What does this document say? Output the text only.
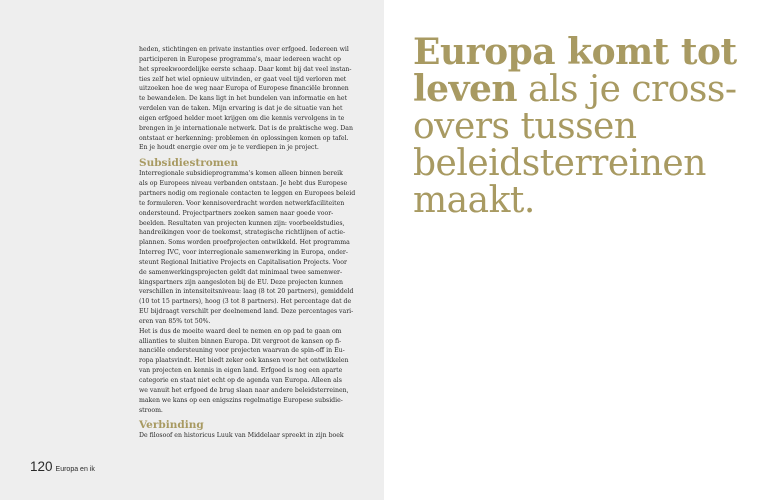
heden, stichtingen en private instanties over erfgoed. Iedereen wil
participeren in Europese programma's, maar iedereen wacht op
het spreekwoordelijke eerste schaap. Daar komt bij dat veel instan-
ties zelf het wiel opnieuw uitvinden, er gaat veel tijd verloren met
uitzoeken hoe de weg naar Europa of Europese financiële bronnen
te bewandelen. De kans ligt in het bundelen van informatie en het
verdelen van de taken. Mijn ervaring is dat je de situatie van het
eigen erfgoed helder moet krijgen om die kennis vervolgens in te
brengen in je internationale netwerk. Dat is de praktische weg. Dan
ontstaat er herkenning: problemen én oplossingen komen op tafel.
En je houdt energie over om je te verdiepen in je project.

Subsidiestromen

Interregionale subsidieprogramma's komen alleen binnen bereik
als op Europees niveau verbanden ontstaan. Je hebt dus Europese
partners nodig om regionale contacten te leggen en Europees beleid
te formuleren. Voor kennisoverdracht worden netwerkfaciliteiten
ondersteund. Projectpartners zoeken samen naar goede voor-
beelden. Resultaten van projecten kunnen zijn: voorbeeldstudies,
handreikingen voor de toekomst, strategische richtlijnen of actie-
plannen. Soms worden proefprojecten ontwikkeld. Het programma
Interreg IVC, voor interregionale samenwerking in Europa, onder-
steunt Regional Initiative Projects en Capitalisation Projects. Voor
de samenwerkingsprojecten geldt dat minimaal twee samenwer-
kingspartners zijn aangesloten bij de EU. Deze projecten kunnen
verschillen in intensiteitsniveau: laag (8 tot 20 partners), gemiddeld
(10 tot 15 partners), hoog (3 tot 8 partners). Het percentage dat de
EU bijdraagt verschilt per deelnemend land. Deze percentages vari-
eren van 85% tot 50%.

Het is dus de moeite waard deel te nemen en op pad te gaan om
allianties te sluiten binnen Europa. Dit vergroot de kansen op fi-
nanciële ondersteuning voor projecten waarvan de spin-off in Eu-
ropa plaatsvindt. Het biedt zeker ook kansen voor het ontwikkelen
van projecten en kennis in eigen land. Erfgoed is nog een aparte
categorie en staat niet echt op de agenda van Europa. Alleen als
we vanuit het erfgoed de brug slaan naar andere beleidsterreinen,
maken we kans op een enigszins regelmatige Europese subsidie-
stroom.

Verbinding

De filosoof en historicus Luuk van Middelaar spreekt in zijn boek

120 Europa en ik

Europa komt tot leven als je cross-overs tussen beleidsterreinen maakt.
